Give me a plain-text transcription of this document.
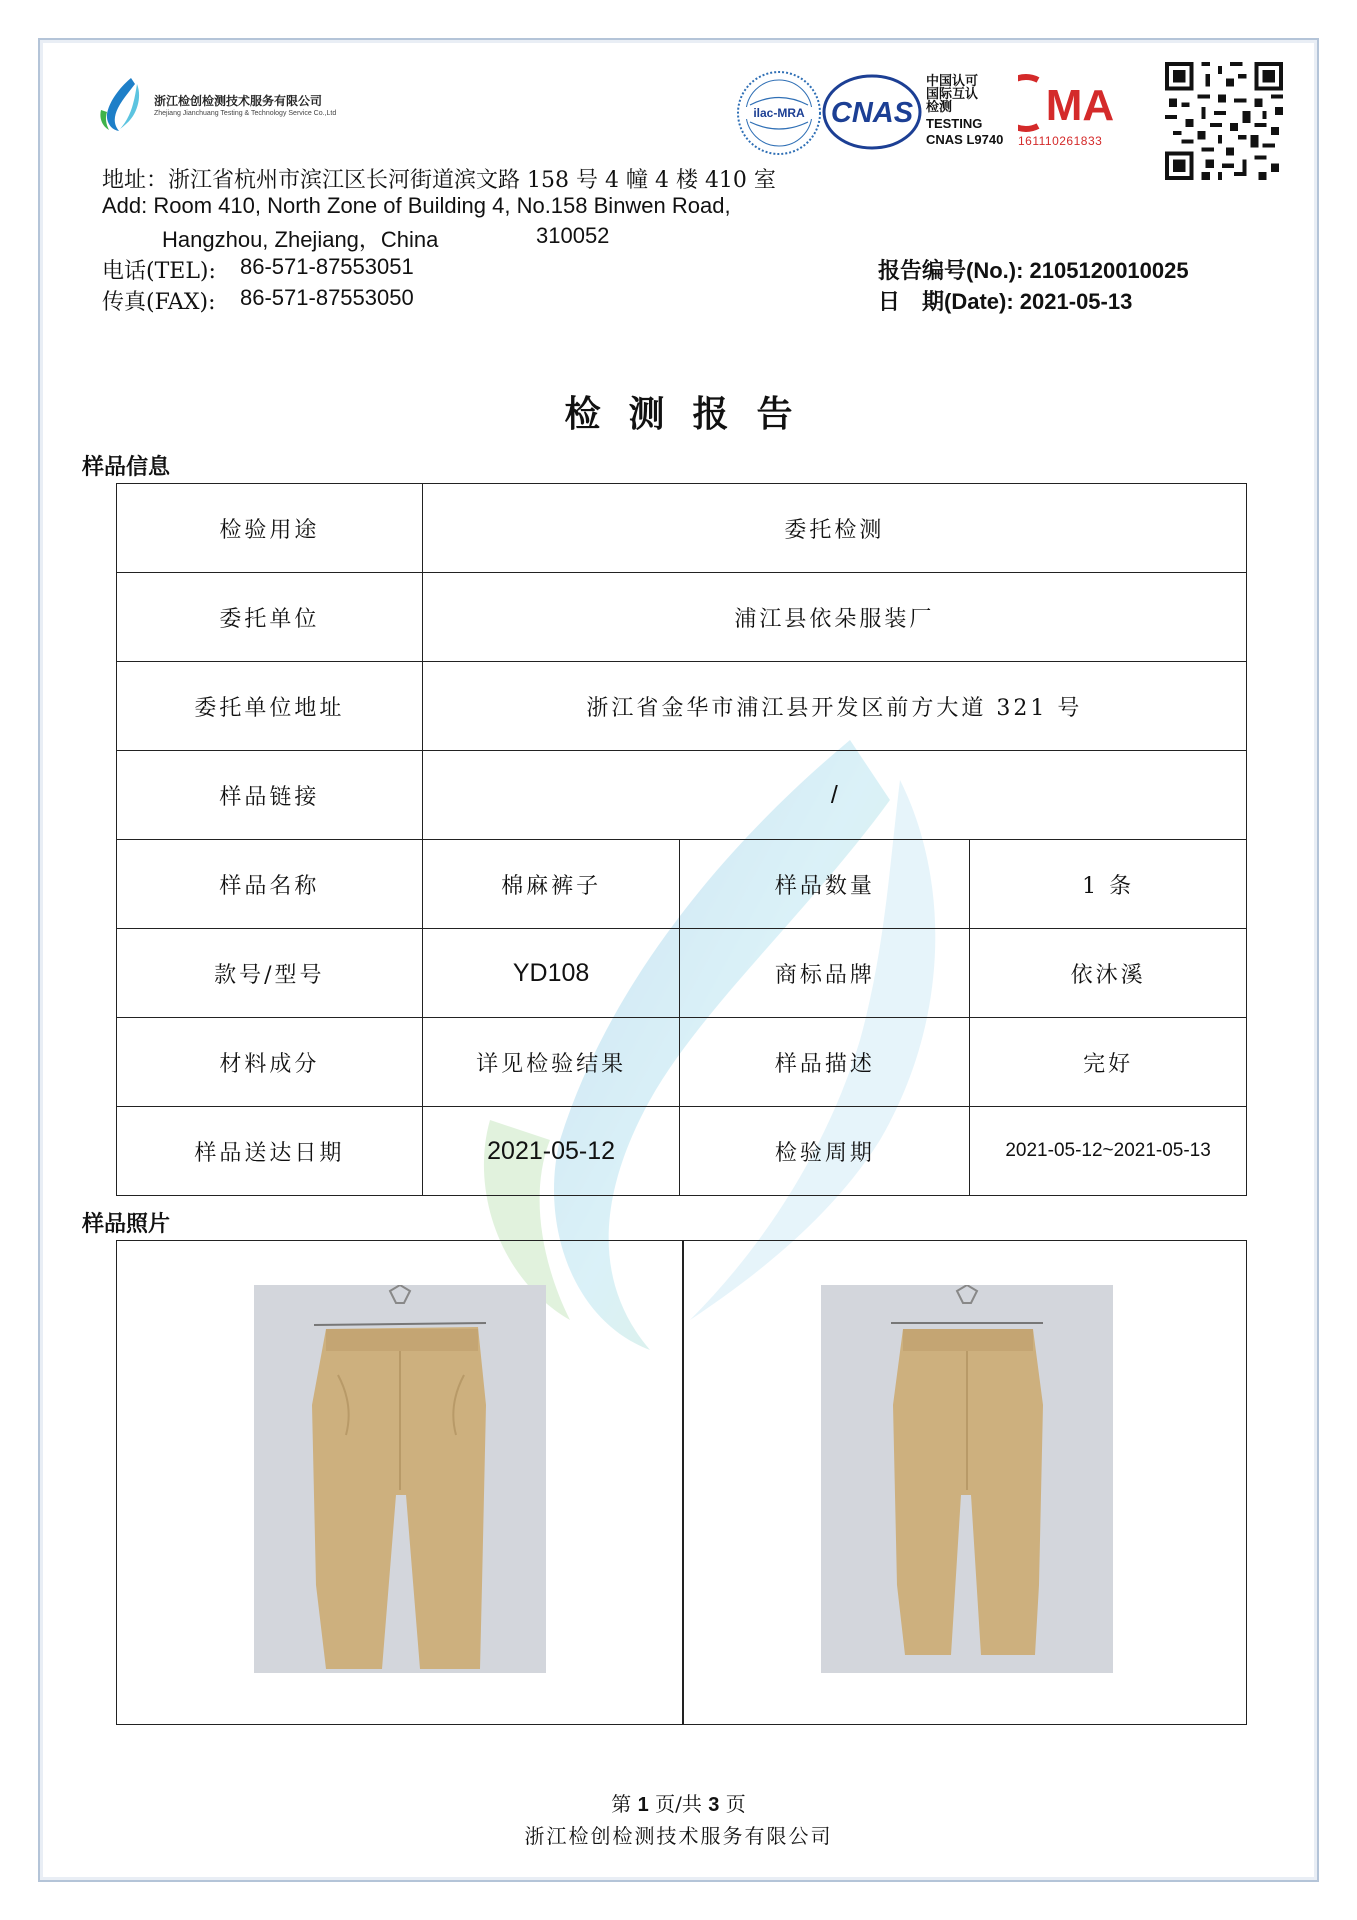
浙江检创检测技术服务有限公司
Zhejiang Jianchuang Testing & Technology Service Co.,Ltd	ilac-MRA CNAS
中国认可
国际互认
检测
TESTING
CNAS L9740
MA
161110261833
地址：浙江省杭州市滨江区长河街道滨文路 158 号 4 幢 4 楼 410 室
Add: Room 410, North Zone of Building 4, No.158 Binwen Road,
Hangzhou, Zhejiang，China	310052
电话(TEL): 86-571-87553051
传真(FAX): 86-571-87553050
报告编号(No.): 2105120010025
日　期(Date): 2021-05-13
检测报告
样品信息
检验用途	委托检测		
委托单位	浦江县依朵服装厂		
委托单位地址	浙江省金华市浦江县开发区前方大道 321 号		
样品链接	/		
样品名称	棉麻裤子	样品数量	1 条
款号/型号	YD108	商标品牌	依沐溪
材料成分	详见检验结果	样品描述	完好
样品送达日期	2021-05-12	检验周期	2021-05-12~2021-05-13
样品照片
第 1 页/共 3 页
浙江检创检测技术服务有限公司
